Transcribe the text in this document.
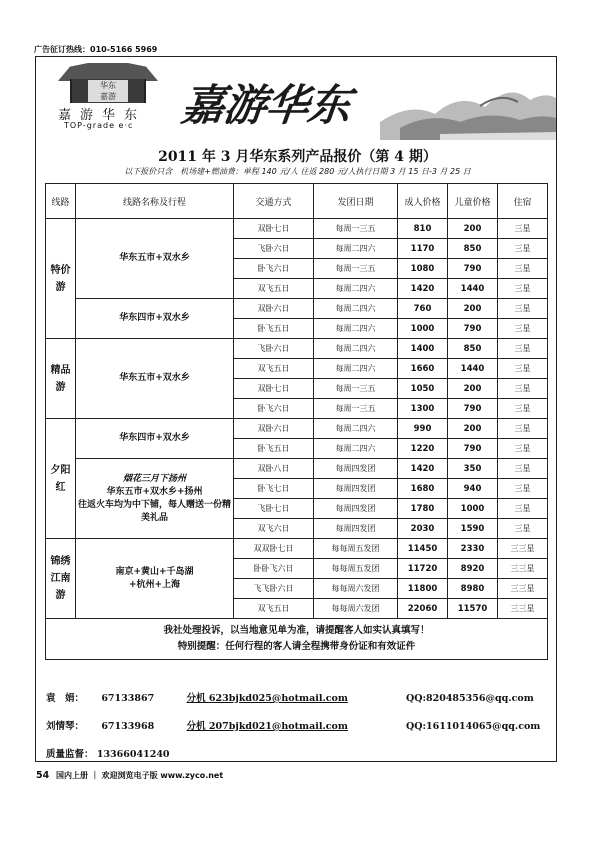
广告征订热线：010-5166 5969
华东
嘉游
嘉游华东
TOP-grade e·c 嘉游华东
2011 年 3 月华东系列产品报价（第 4 期）
以下报价只含　机场建+燃油费：单程 140 元/人 往返 280 元/人执行日期 3 月 15 日-3 月 25 日
线路	线路名称及行程	交通方式	发团日期	成人价格	儿童价格	住宿
特价游	华东五市+双水乡	双卧七日	每周一三五	810	200	三星
		飞卧六日	每周二四六	1170	850	三星
		卧飞六日	每周一三五	1080	790	三星
		双飞五日	每周二四六	1420	1440	三星
	华东四市+双水乡	双卧六日	每周二四六	760	200	三星
		卧飞五日	每周二四六	1000	790	三星
精品游	华东五市+双水乡	飞卧六日	每周二四六	1400	850	三星
		双飞五日	每周二四六	1660	1440	三星
		双卧七日	每周一三五	1050	200	三星
		卧飞六日	每周一三五	1300	790	三星
夕阳红	华东四市+双水乡	双卧六日	每周二四六	990	200	三星
		卧飞五日	每周二四六	1220	790	三星

	烟花三月下扬州
华东五市+双水乡+扬州
往返火车均为中下铺，每人赠送一份精美礼品	双卧八日	每周四发团	1420	350	三星
		卧飞七日	每周四发团	1680	940	三星
		飞卧七日	每周四发团	1780	1000	三星
		双飞六日	每周四发团	2030	1590	三星
锦绣江南游	南京+黄山+千岛湖
+杭州+上海	双双卧七日	每每周五发团	11450	2330	三三星
		卧卧飞六日	每每周五发团	11720	8920	三三星
		飞飞卧六日	每每周六发团	11800	8980	三三星
		双飞五日	每每周六发团	22060	11570	三三星

我社处理投诉，以当地意见单为准，请提醒客人如实认真填写！
特别提醒：任何行程的客人请全程携带身份证和有效证件						
袁　娟： 67133867	分机 623bjkd025@hotmail.com	QQ:820485356@qq.com
刘情琴： 67133968	分机 207bjkd021@hotmail.com	QQ:1611014065@qq.com
质量监督： 13366041240
54 国内上册 ｜ 欢迎浏览电子版 www.zyco.net
